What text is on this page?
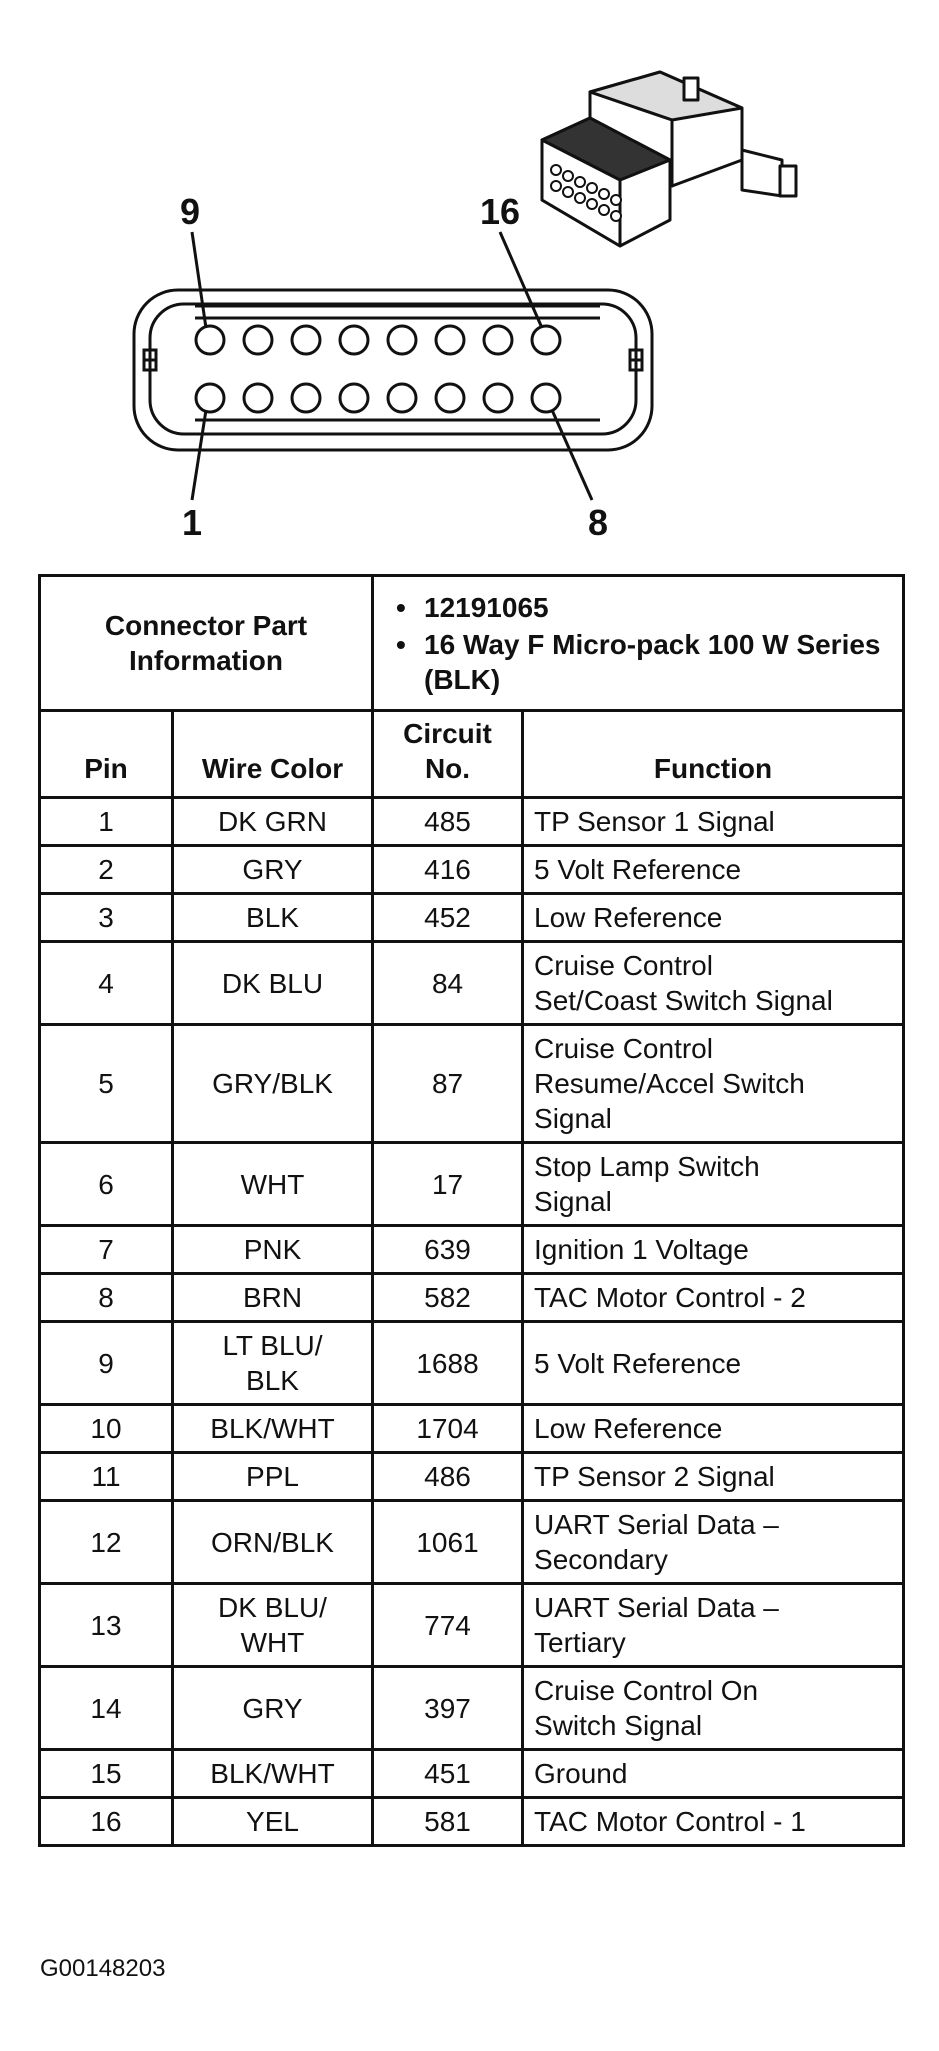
9	16
1	8
Connector Part Information		• 12191065
• 16 Way F Micro-pack 100 W Series (BLK)

Pin	Wire Color	Circuit No.	Function
1	DK GRN	485	TP Sensor 1 Signal
2	GRY	416	5 Volt Reference
3	BLK	452	Low Reference
4	DK BLU	84	Cruise Control
Set/Coast Switch Signal
5	GRY/BLK	87	Cruise Control
Resume/Accel Switch
Signal
6	WHT	17	Stop Lamp Switch
Signal
7	PNK	639	Ignition 1 Voltage
8	BRN	582	TAC Motor Control - 2
9	LT BLU/
BLK	1688	5 Volt Reference
10	BLK/WHT	1704	Low Reference
11	PPL	486	TP Sensor 2 Signal
12	ORN/BLK	1061	UART Serial Data –
Secondary
13	DK BLU/
WHT	774	UART Serial Data –
Tertiary
14	GRY	397	Cruise Control On
Switch Signal
15	BLK/WHT	451	Ground
16	YEL	581	TAC Motor Control - 1
G00148203
